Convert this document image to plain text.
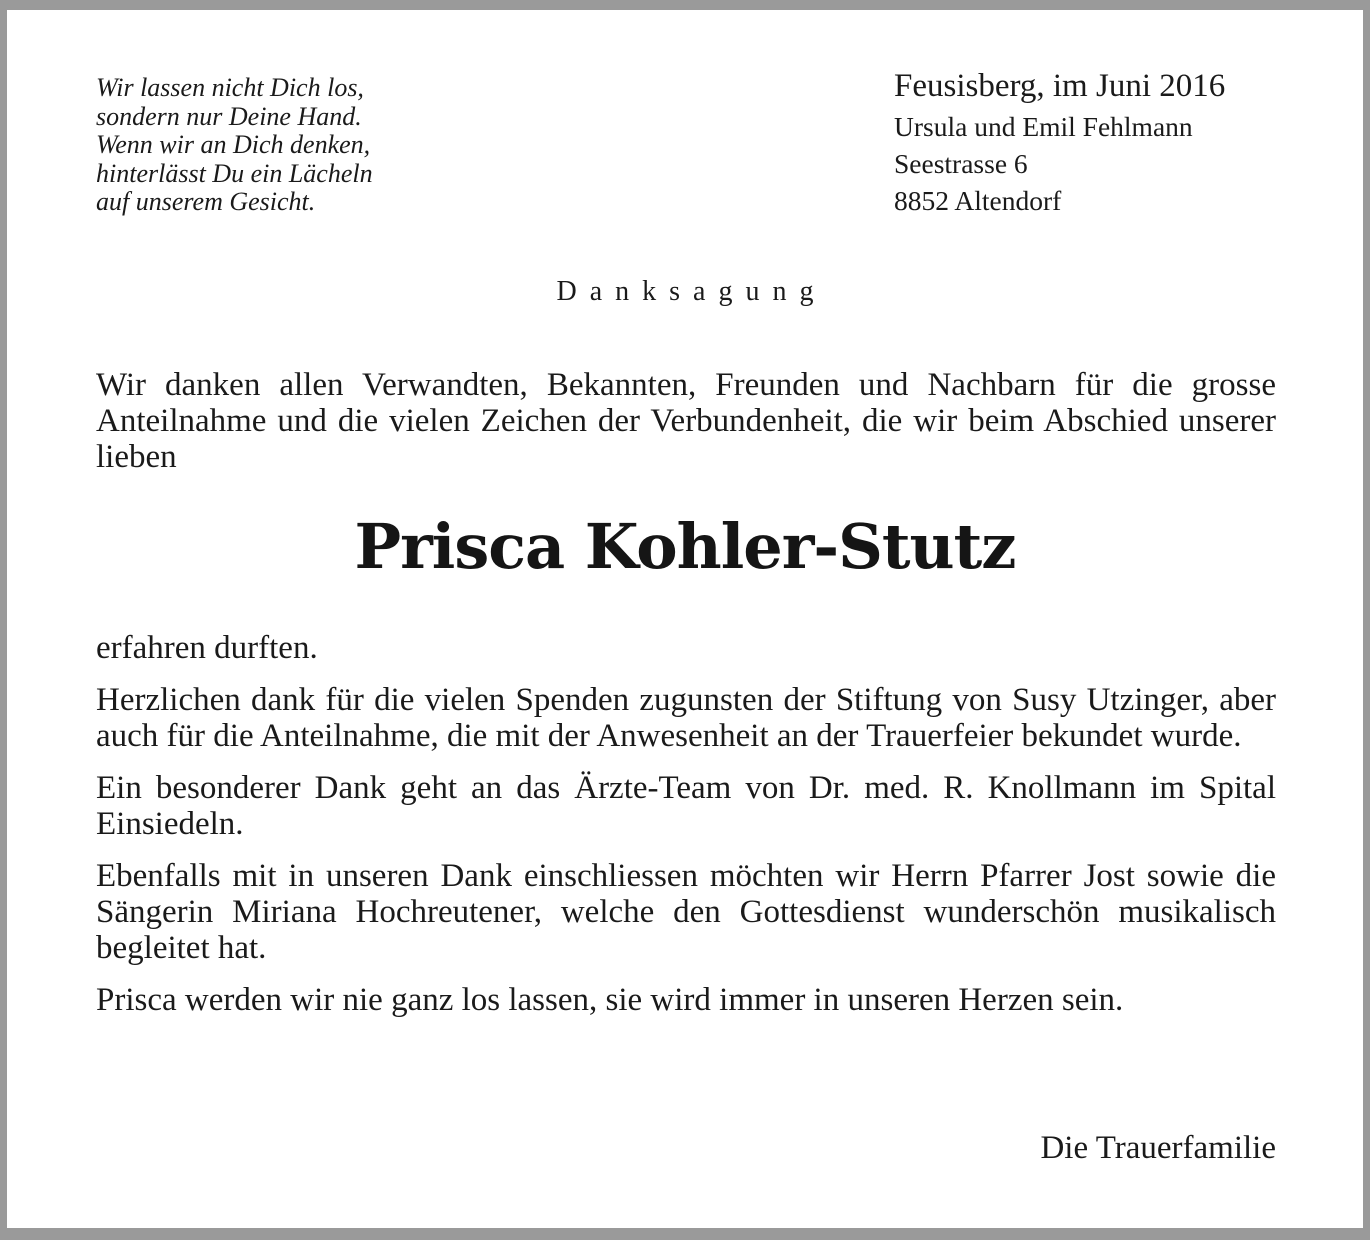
Wir lassen nicht Dich los,
sondern nur Deine Hand.
Wenn wir an Dich denken,
hinterlässt Du ein Lächeln
auf unserem Gesicht.
Feusisberg, im Juni 2016
Ursula und Emil Fehlmann
Seestrasse 6
8852 Altendorf
Danksagung
Wir danken allen Verwandten, Bekannten, Freunden und Nachbarn für die grosse Anteilnahme und die vielen Zeichen der Verbundenheit, die wir beim Abschied unserer lieben
Prisca Kohler-Stutz

erfahren durften.

Herzlichen dank für die vielen Spenden zugunsten der Stiftung von Susy Utzinger, aber auch für die Anteilnahme, die mit der Anwesenheit an der Trauerfeier bekundet wurde.

Ein besonderer Dank geht an das Ärzte-Team von Dr. med. R. Knollmann im Spital Einsiedeln.

Ebenfalls mit in unseren Dank einschliessen möchten wir Herrn Pfarrer Jost sowie die Sängerin Miriana Hochreutener, welche den Gottesdienst wunderschön musikalisch begleitet hat.

Prisca werden wir nie ganz los lassen, sie wird immer in unseren Herzen sein.

Die Trauerfamilie
